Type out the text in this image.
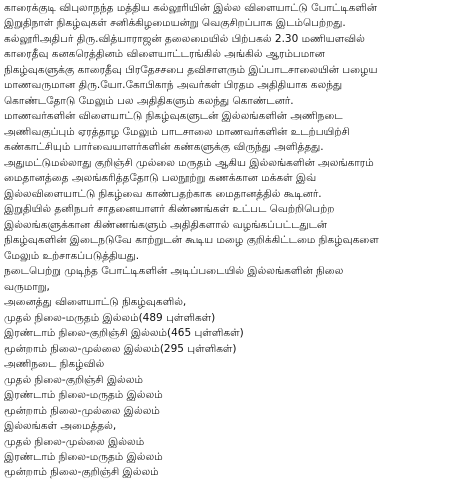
காரைக்குடி விபுலாநந்த மத்திய கல்லூரியின் இல்ல விளையாட்டு போட்டிகளின்
இறுதிநாள் நிகழ்வுகள் சனிக்கிழமையன்று வெகுசிறப்பாக இடம்பெற்றது.
கல்லூரிஅதிபர் திரு.வித்யாராஜன் தலைமையில் பிற்பகல் 2.30 மணியளவில்
காரைதீவு கனகரெத்தினம் விளையாட்டரங்கில் அங்கில் ஆரம்பமான
நிகழ்வுகளுக்கு காரைதீவு பிரதேசசபை தவிசாளரும் இப்பாடசாலையின் பழைய
மாணவருமான திரு.யோ.கோபிகாந் அவர்கள் பிரதம அதிதியாக கலந்து
கொண்டதோடு மேலும் பல அதிதிகளும் கலந்து கொண்டனர்.
மாணவர்களின் விளையாட்டு நிகழ்வுகளுடன் இல்லங்களின் அணிநடை
அணிவகுப்பும் ஏரத்தாழ மேலும் பாடசாலை மாணவர்களின் உடற்பயிற்சி
கண்காட்சியும் பார்வையாளர்களின் கண்களுக்கு விருந்து அளித்தது.
அதுமட்டுமல்லாது குறிஞ்சி முல்லை மருதம் ஆகிய இல்லங்களின் அலங்காரம்
மைதானத்தை அலங்கரித்ததோடு பலநூற்று கணக்கான மக்கள் இவ்
இல்லவிளையாட்டு நிகழ்வை காண்பதற்காக மைதானத்தில் கூடினர்.
இறுதியில் தனிநபர் சாதனையாளர் கிண்ணங்கள் உட்பட வெற்றிபெற்ற
இல்லங்களுக்கான கிண்ணங்களும் அதிதிகளால் வழங்கப்பட்டதுடன்
நிகழ்வுகளின் இடைநடுவே காற்றுடன் கூடிய மழை குறிக்கிட்டமை நிகழ்வுகளை
மேலும் உற்சாகப்படுத்தியது.
நடைபெற்று முடிந்த போட்டிகளின் அடிப்படையில் இல்லங்களின் நிலை
வருமாறு,
அனைத்து விளையாட்டு நிகழ்வுகளில்,
முதல் நிலை-மருதம் இல்லம்(489 புள்ளிகள்)
இரண்டாம் நிலை-குறிஞ்சி இல்லம்(465 புள்ளிகள்)
மூன்றாம் நிலை-முல்லை இல்லம்(295 புள்ளிகள்)
அணிநடை நிகழ்வில்
முதல் நிலை-குறிஞ்சி இல்லம்
இரண்டாம் நிலை-மருதம் இல்லம்
மூன்றாம் நிலை-முல்லை இல்லம்
இல்லங்கள் அமைத்தல்,
முதல் நிலை-முல்லை இல்லம்
இரண்டாம் நிலை-மருதம் இல்லம்
மூன்றாம் நிலை-குறிஞ்சி இல்லம்
